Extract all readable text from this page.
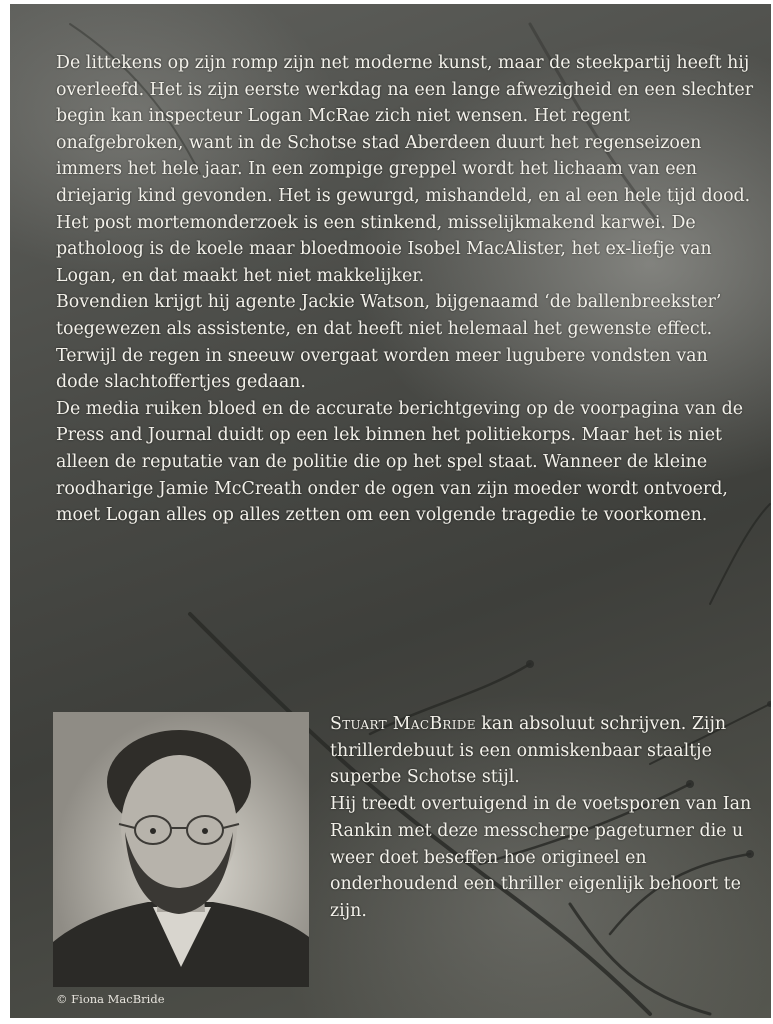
De littekens op zijn romp zijn net moderne kunst, maar de steekpartij heeft hij overleefd. Het is zijn eerste werkdag na een lange afwezigheid en een slechter begin kan inspecteur Logan McRae zich niet wensen. Het regent onafgebroken, want in de Schotse stad Aberdeen duurt het regenseizoen immers het hele jaar. In een zompige greppel wordt het lichaam van een driejarig kind gevonden. Het is gewurgd, mishandeld, en al een hele tijd dood. Het post mortemonderzoek is een stinkend, misselijkmakend karwei. De patholoog is de koele maar bloedmooie Isobel MacAlister, het ex-liefje van Logan, en dat maakt het niet makkelijker.

Bovendien krijgt hij agente Jackie Watson, bijgenaamd ‘de ballenbreekster’ toegewezen als assistente, en dat heeft niet helemaal het gewenste effect. Terwijl de regen in sneeuw overgaat worden meer lugubere vondsten van dode slachtoffertjes gedaan.

De media ruiken bloed en de accurate berichtgeving op de voorpagina van de Press and Journal duidt op een lek binnen het politiekorps. Maar het is niet alleen de reputatie van de politie die op het spel staat. Wanneer de kleine roodharige Jamie McCreath onder de ogen van zijn moeder wordt ontvoerd, moet Logan alles op alles zetten om een volgende tragedie te voorkomen.

Stuart MacBride kan absoluut schrijven. Zijn thrillerdebuut is een onmiskenbaar staaltje superbe Schotse stijl.

Hij treedt overtuigend in de voetsporen van Ian Rankin met deze messcherpe pageturner die u weer doet beseffen hoe origineel en onderhoudend een thriller eigenlijk behoort te zijn.

© Fiona MacBride
